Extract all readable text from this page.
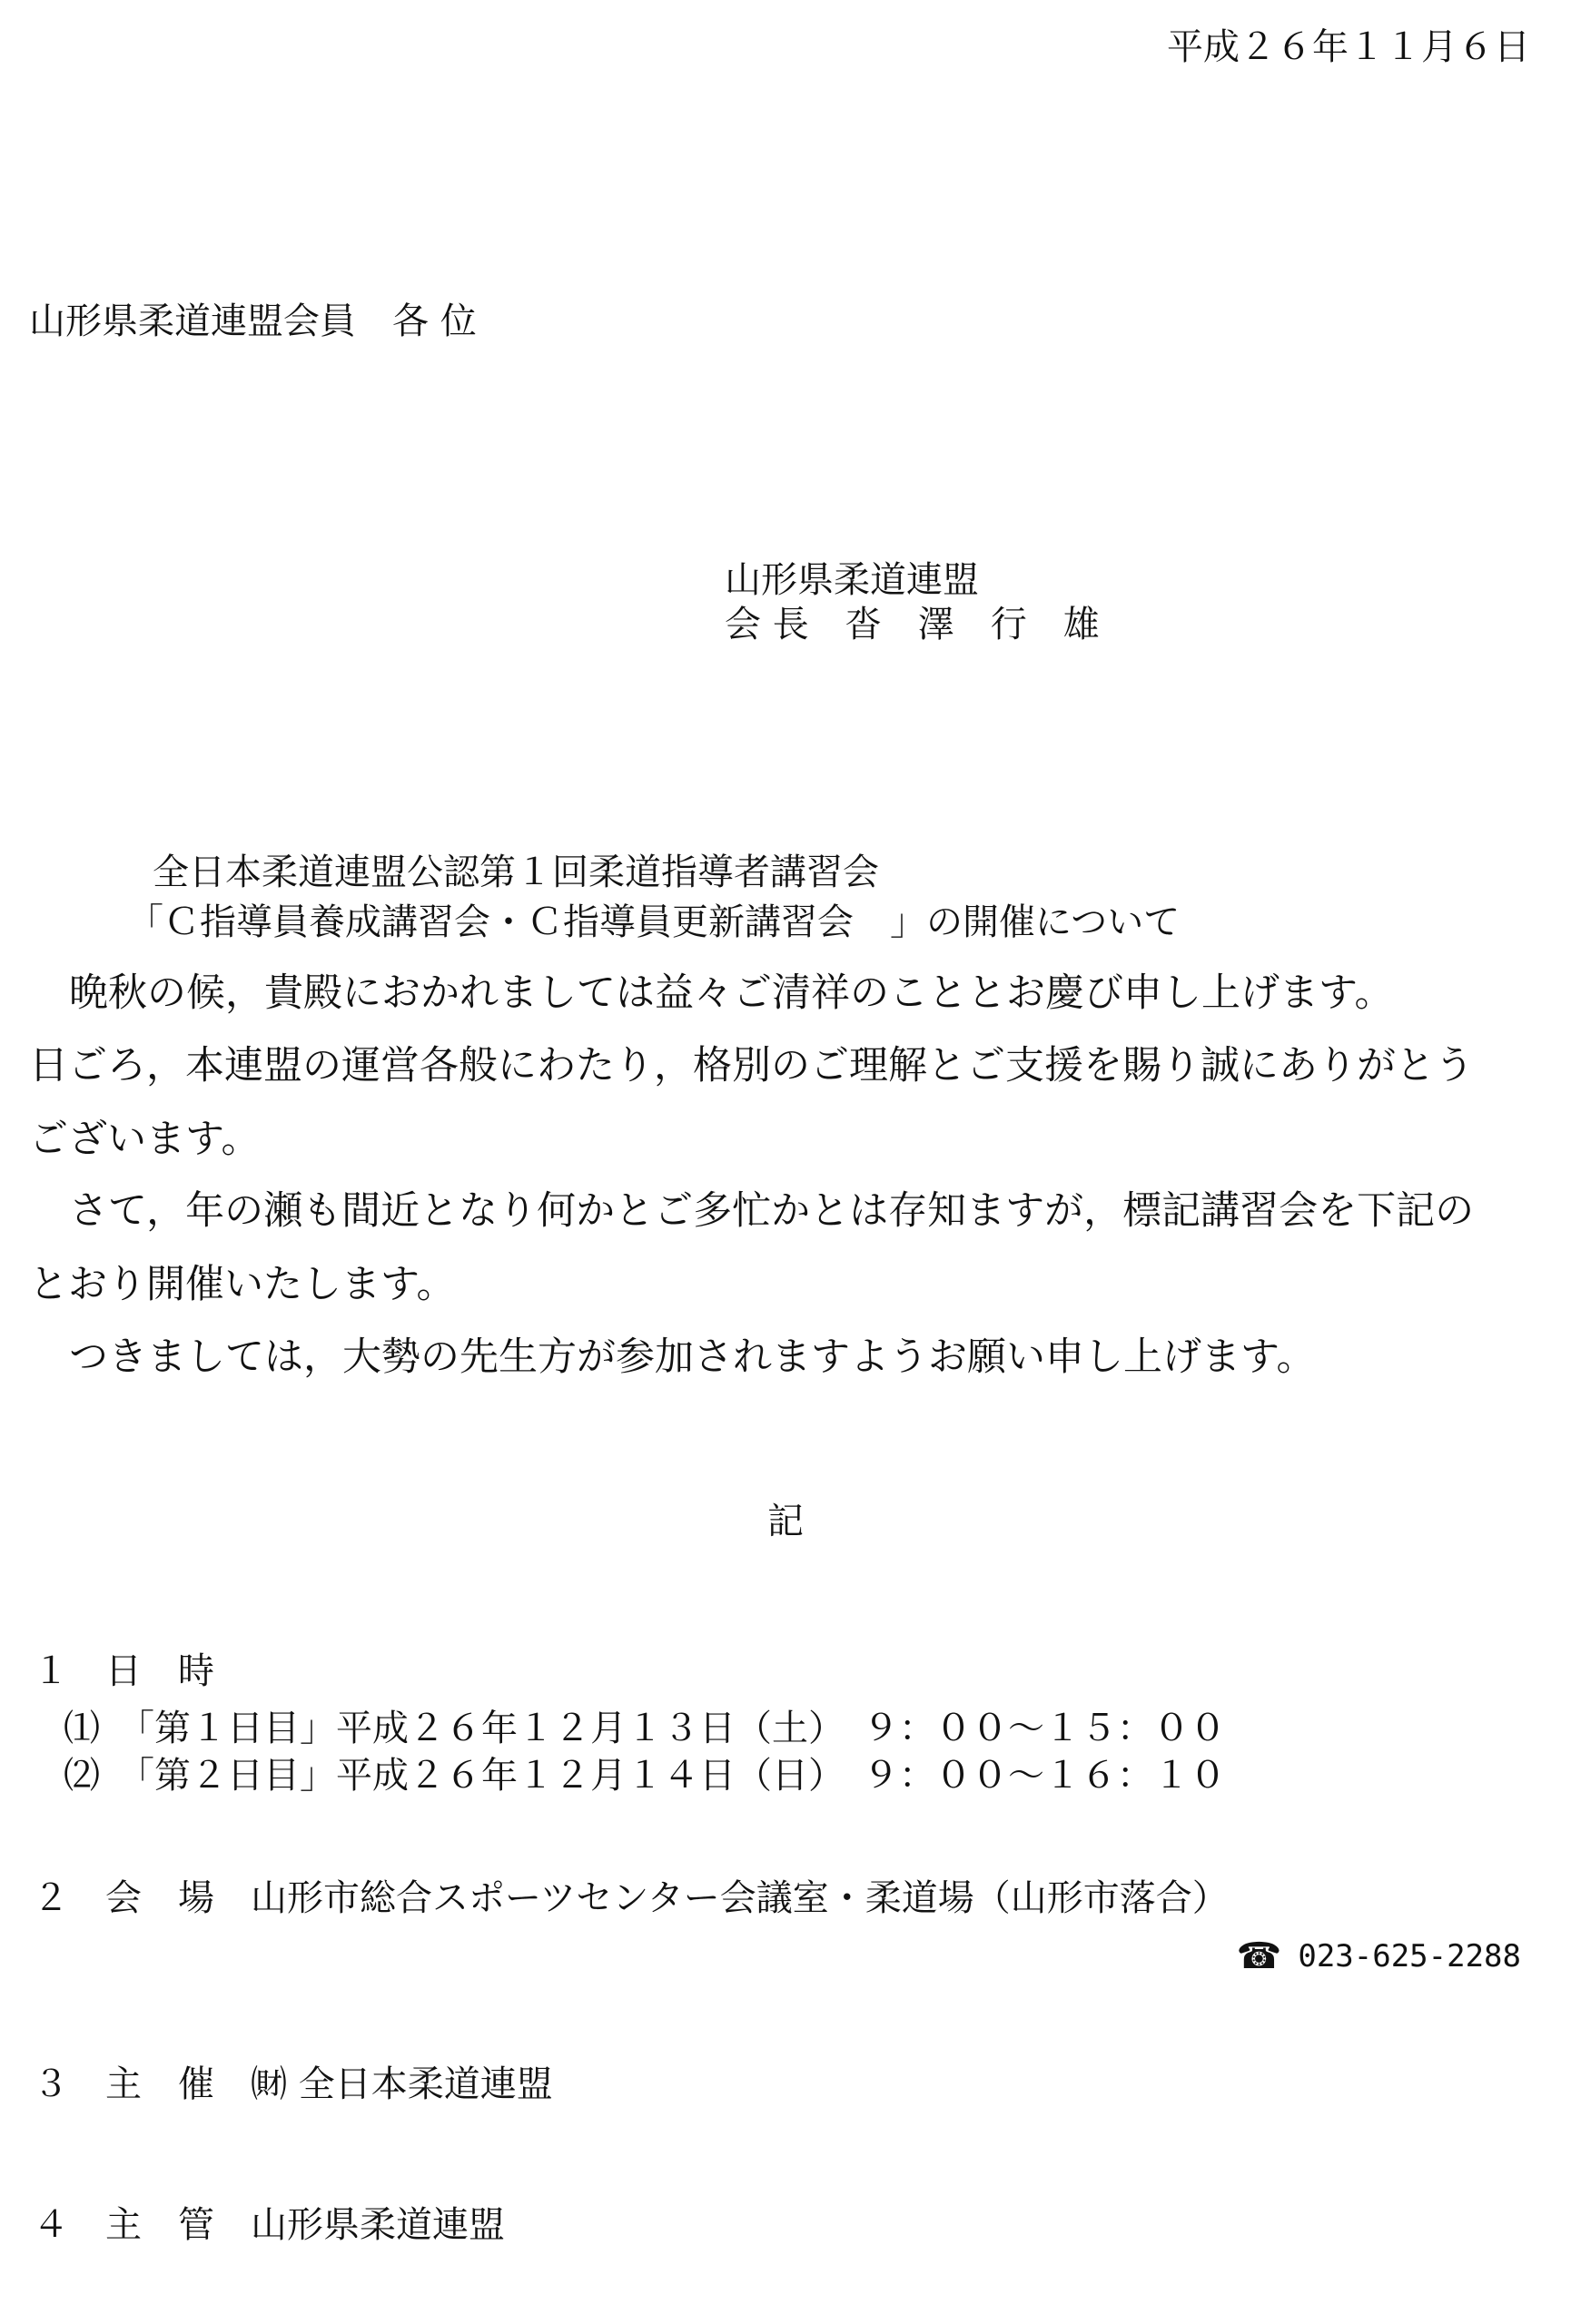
平成２６年１１月６日
山形県柔道連盟会員　各 位
山形県柔道連盟
会 長　沓　澤　行　雄
全日本柔道連盟公認第１回柔道指導者講習会
「Ｃ指導員養成講習会・Ｃ指導員更新講習会　」の開催について
晩秋の候，貴殿におかれましては益々ご清祥のこととお慶び申し上げます。
日ごろ，本連盟の運営各般にわたり，格別のご理解とご支援を賜り誠にありがとう
ございます。
さて，年の瀬も間近となり何かとご多忙かとは存知ますが，標記講習会を下記の
とおり開催いたします。
つきましては，大勢の先生方が参加されますようお願い申し上げます。
記
１　日　時
⑴　「第１日目」平成２６年１２月１３日（土）　９：００〜１５：００
⑵　「第２日目」平成２６年１２月１４日（日）　９：００〜１６：１０
２　会　場　山形市総合スポーツセンター会議室・柔道場（山形市落合）
☎ 023-625-2288
３　主　催　㈶ 全日本柔道連盟
４　主　管　山形県柔道連盟
